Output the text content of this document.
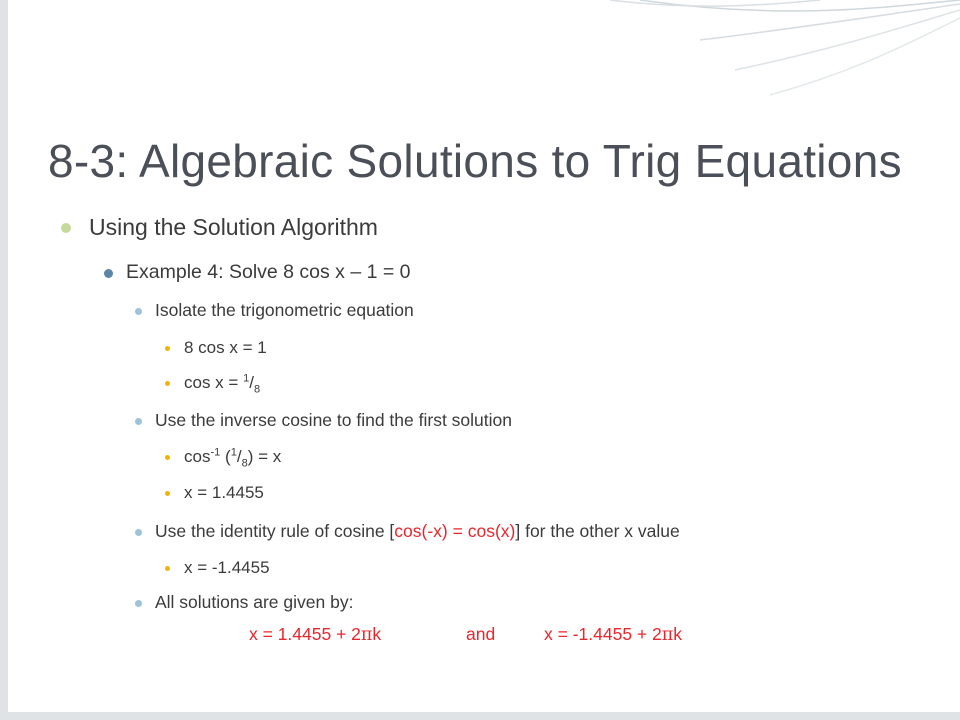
8-3: Algebraic Solutions to Trig Equations
Using the Solution Algorithm
Example 4: Solve 8 cos x – 1 = 0
Isolate the trigonometric equation
8 cos x = 1
$\cos x = ^1/_8$
Use the inverse cosine to find the first solution
$\cos^{-1} (^1/_8) = x$
x = 1.4455
Use the identity rule of cosine [cos(-x) = cos(x)] for the other x value
x = -1.4455
All solutions are given by:
x = 1.4455 + 2πk	and	x = -1.4455 + 2πk
